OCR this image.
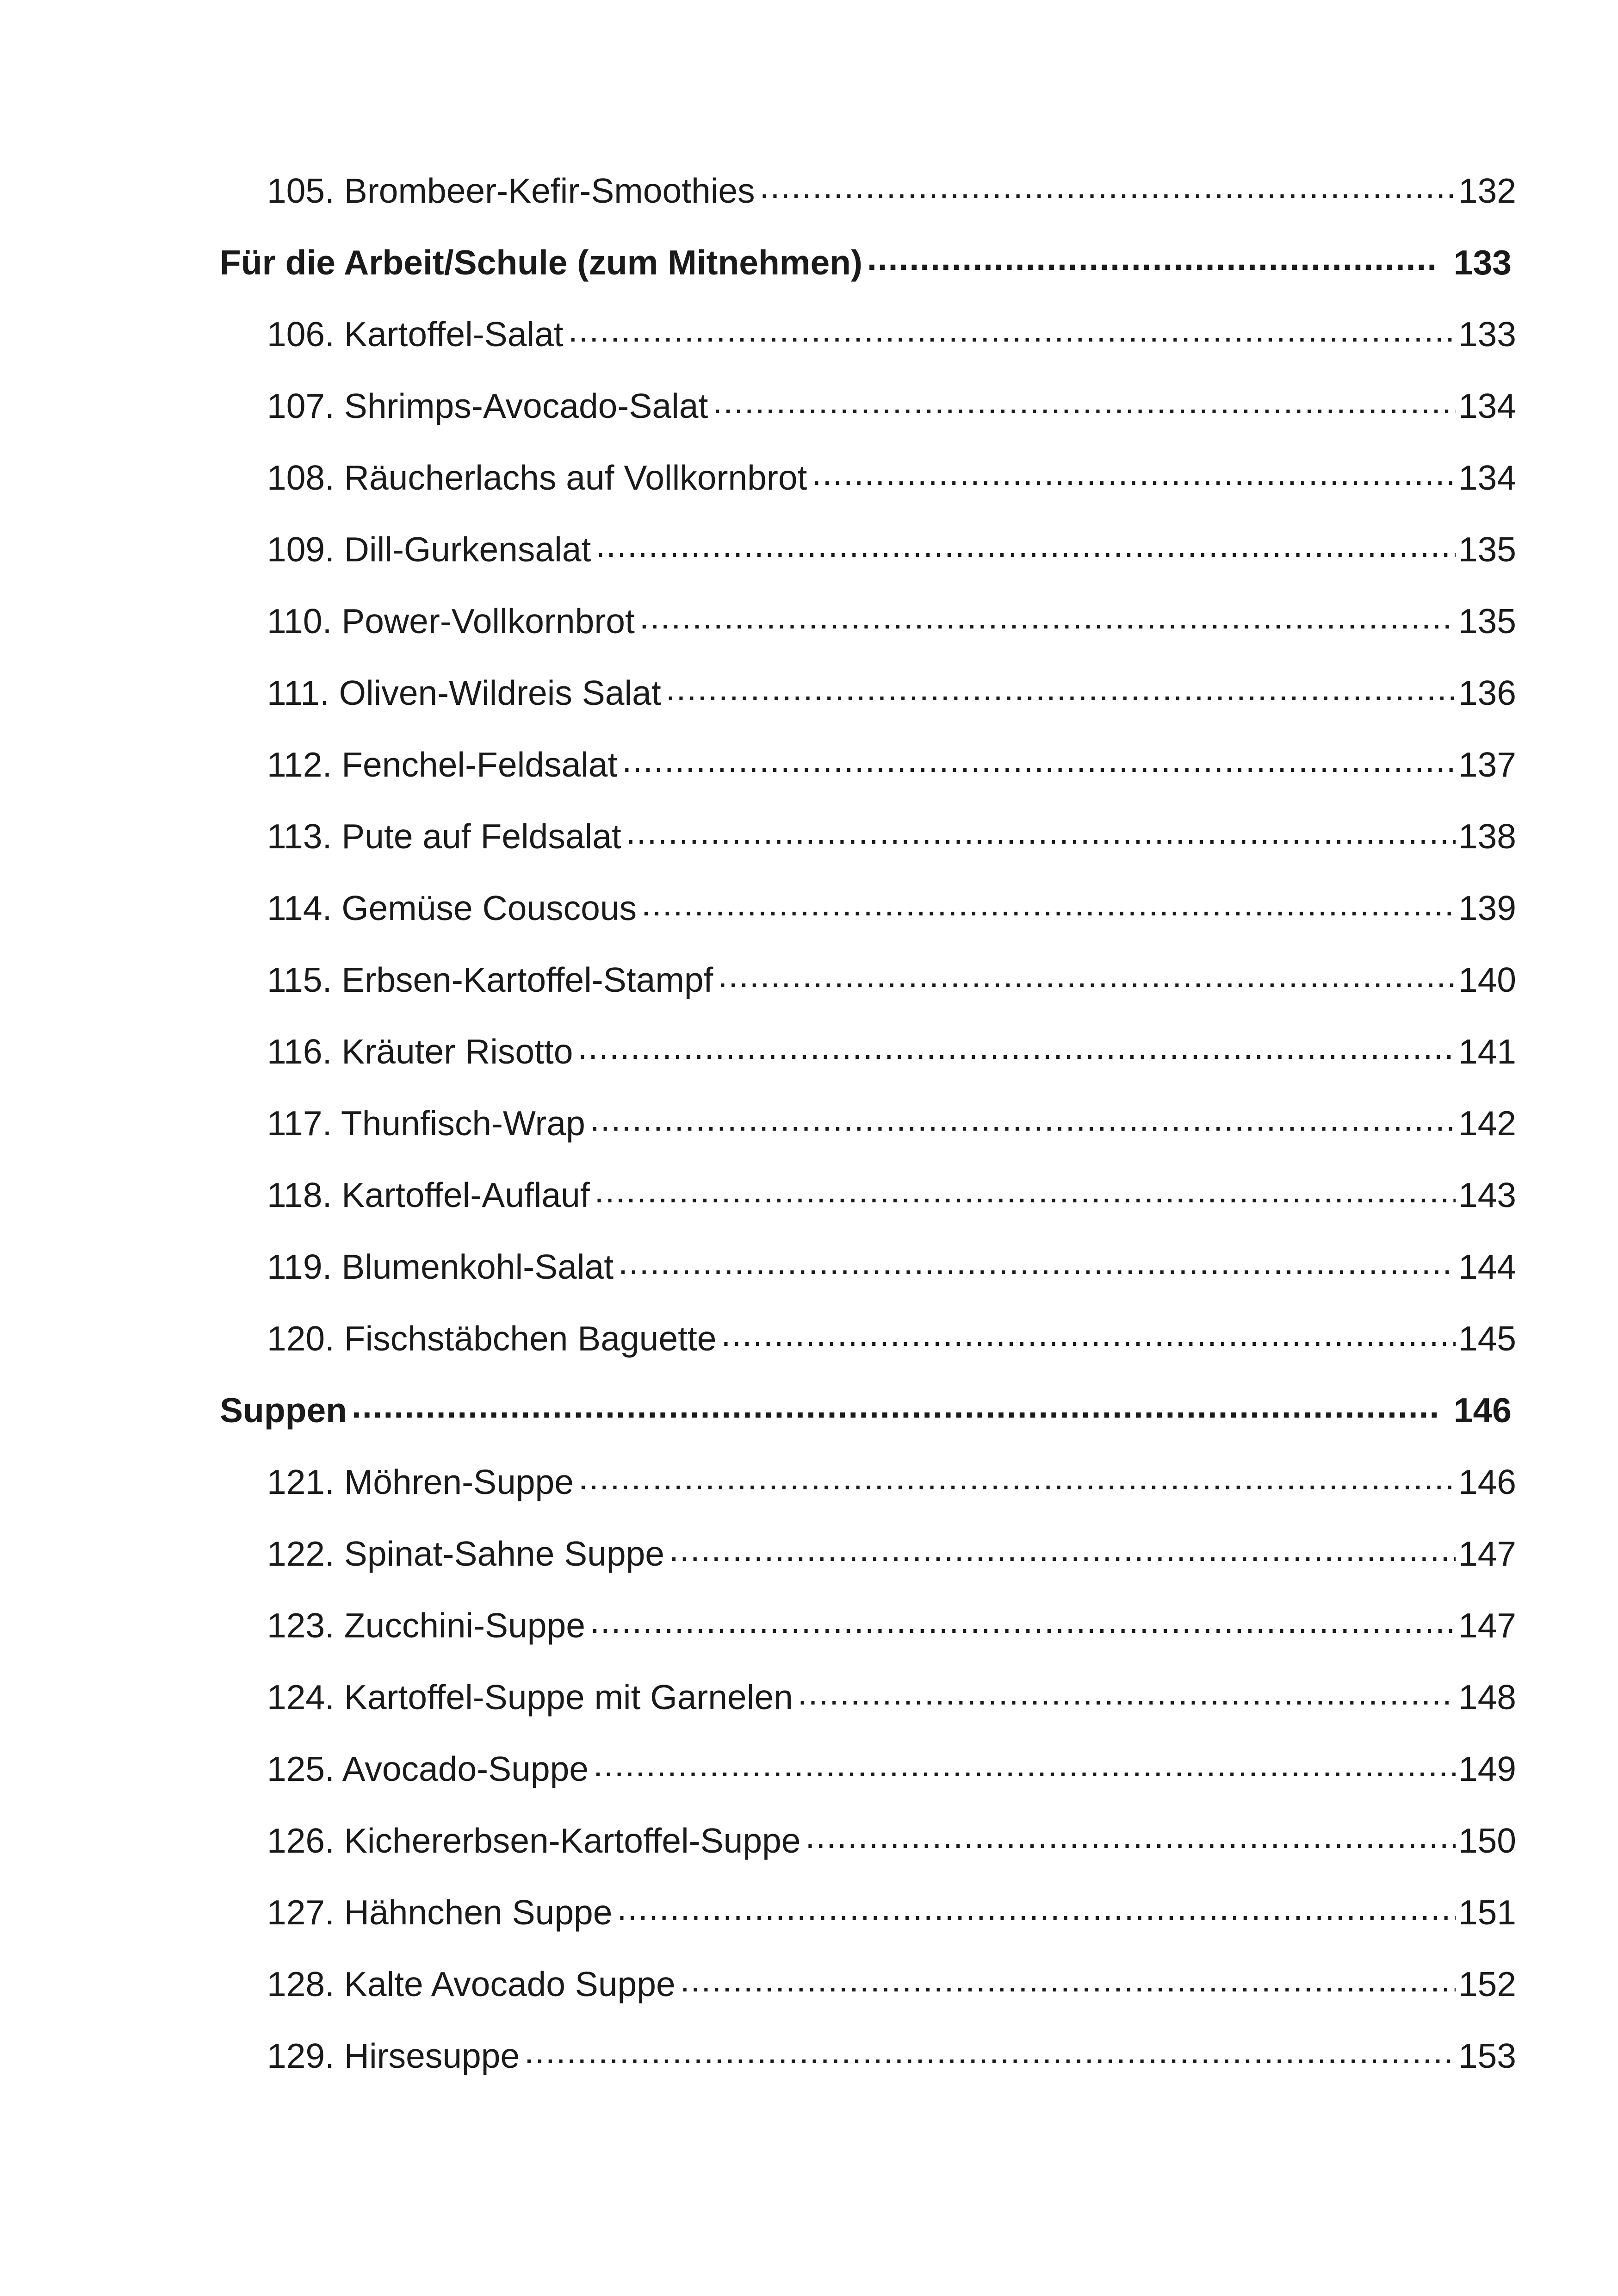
105. Brombeer-Kefir-Smoothies .....	132
Für die Arbeit/Schule (zum Mitnehmen) .....	133
106. Kartoffel-Salat .....	133
107. Shrimps-Avocado-Salat .....	134
108. Räucherlachs auf Vollkornbrot .....	134
109. Dill-Gurkensalat .....	135
110. Power-Vollkornbrot .....	135
111. Oliven-Wildreis Salat .....	136
112. Fenchel-Feldsalat .....	137
113. Pute auf Feldsalat .....	138
114. Gemüse Couscous .....	139
115. Erbsen-Kartoffel-Stampf .....	140
116. Kräuter Risotto .....	141
117. Thunfisch-Wrap .....	142
118. Kartoffel-Auflauf .....	143
119. Blumenkohl-Salat .....	144
120. Fischstäbchen Baguette .....	145
Suppen .....	146
121. Möhren-Suppe .....	146
122. Spinat-Sahne Suppe .....	147
123. Zucchini-Suppe .....	147
124. Kartoffel-Suppe mit Garnelen .....	148
125. Avocado-Suppe .....	149
126. Kichererbsen-Kartoffel-Suppe .....	150
127. Hähnchen Suppe .....	151
128. Kalte Avocado Suppe .....	152
129. Hirsesuppe .....	153
